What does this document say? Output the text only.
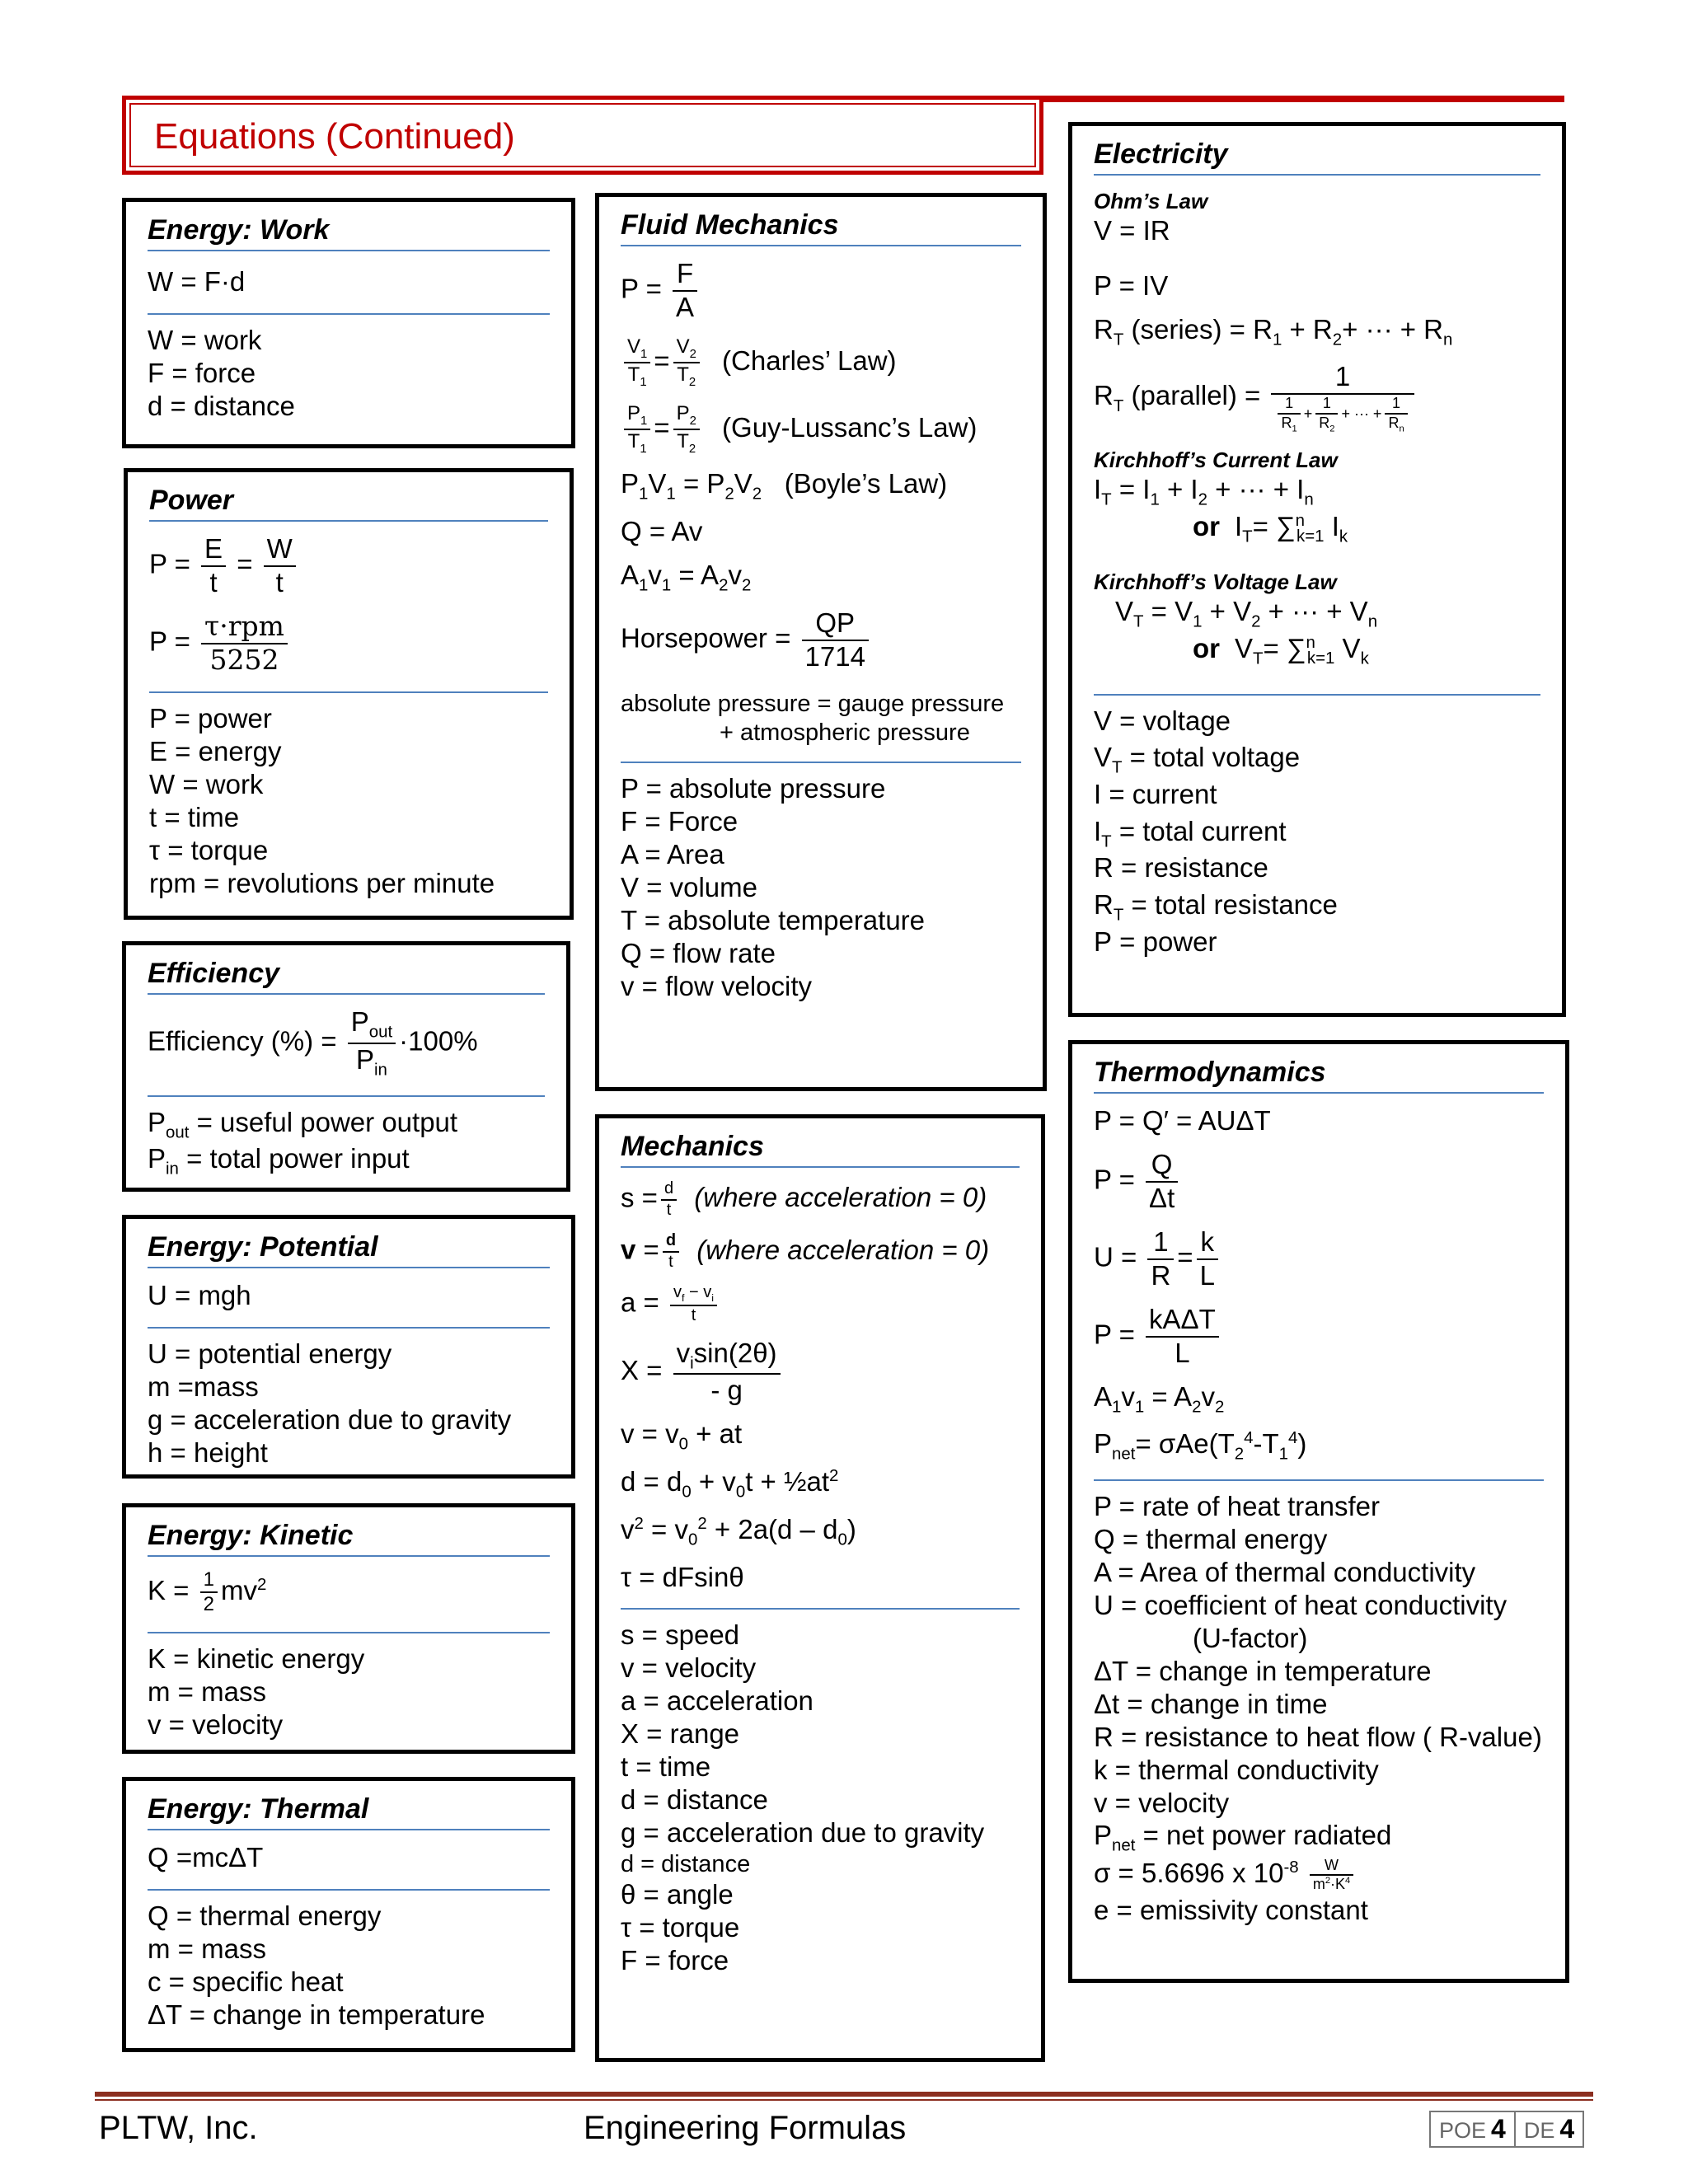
Equations (Continued)
Energy: Work
W = F·d
W = work
F = force
d = distance
Power
$P = \frac{E}{t} = \frac{W}{t}$
$P = \frac{\text{τ·rpm}}{5252}$
P = power
E = energy
W = work
t = time
τ = torque
rpm = revolutions per minute
Efficiency
Efficiency (%) = $\frac{P_{out}}{P_{in}} \cdot 100\%$
$P_{out}$ = useful power output
$P_{in}$ = total power input
Energy: Potential
U = mgh
U = potential energy
m =mass
g = acceleration due to gravity
h = height
Energy: Kinetic
$K = \frac{1}{2} mv^2$
K = kinetic energy
m = mass
v = velocity
Energy: Thermal
Q =mcΔT
Q = thermal energy
m = mass
c = specific heat
ΔT = change in temperature
Fluid Mechanics
$P = \frac{F}{A}$
$\frac{V_1}{T_1} = \frac{V_2}{T_2}$ (Charles’ Law)
$\frac{P_1}{T_1} = \frac{P_2}{T_2}$ (Guy-Lussanc’s Law)
$P_1V_1 = P_2V_2$ (Boyle’s Law)
Q = Av
$A_1v_1 = A_2v_2$
Horsepower = $\frac{QP}{1714}$
absolute pressure = gauge pressure
+ atmospheric pressure
P = absolute pressure
F = Force
A = Area
V = volume
T = absolute temperature
Q = flow rate
v = flow velocity
Mechanics
$s = \frac{d}{t}$ (where acceleration = 0)
$v = \frac{d}{t}$ (where acceleration = 0)
$a = \frac{v_f - v_i}{t}$
$X = \frac{v_i\sin(2\theta)}{- g}$
$v = v_0$ + at
$d = d_0 + v_0t$ + $\frac{1}{2}at^2$
$v^2 = v_0^2 + 2a(d - d_0)$
τ = dFsinθ
s = speed
v = velocity
a = acceleration
X = range
t = time
d = distance
g = acceleration due to gravity
d = distance
θ = angle
τ = torque
F = force
Electricity
Ohm’s Law
V = IR
P = IV
$R_T$ (series) = $R_1 + R_2+$ ··· + $R_n$
$R_T$ (parallel) = $\frac{1}{\frac{1}{R_1} + \frac{1}{R_2} + \cdot\cdot\cdot + \frac{1}{R_n}}$
Kirchhoff’s Current Law
$I_T = I_1 + I_2$ + ··· + $I_n$
or $I_T= \sum^n_{k=1}$ $I_k$
Kirchhoff’s Voltage Law
$V_T = V_1 + V_2$ + ··· + $V_n$
or $V_T= \sum^n_{k=1}$ $V_k$
V = voltage
$V_T$ = total voltage
I = current
$I_T$ = total current
R = resistance
$R_T$ = total resistance
P = power
Thermodynamics
P = Q′ = AUΔT
$P = \frac{Q}{\Delta t}$
$U = \frac{1}{R} = \frac{k}{L}$
$P = \frac{\text{kAΔT}}{L}$
$A_1v_1 = A_2v_2$
$P_{net}= \sigma Ae(T_2^4-T_1^4)$
P = rate of heat transfer
Q = thermal energy
A = Area of thermal conductivity
U = coefficient of heat conductivity
(U-factor)
ΔT = change in temperature
Δt = change in time
R = resistance to heat flow ( R-value)
k = thermal conductivity
v = velocity
$P_{net}$ = net power radiated
σ = 5.6696 x $10^{-8} \frac{W}{m^2\cdot K^4}$
e = emissivity constant
PLTW, Inc.	Engineering Formulas	POE 4 DE 4
